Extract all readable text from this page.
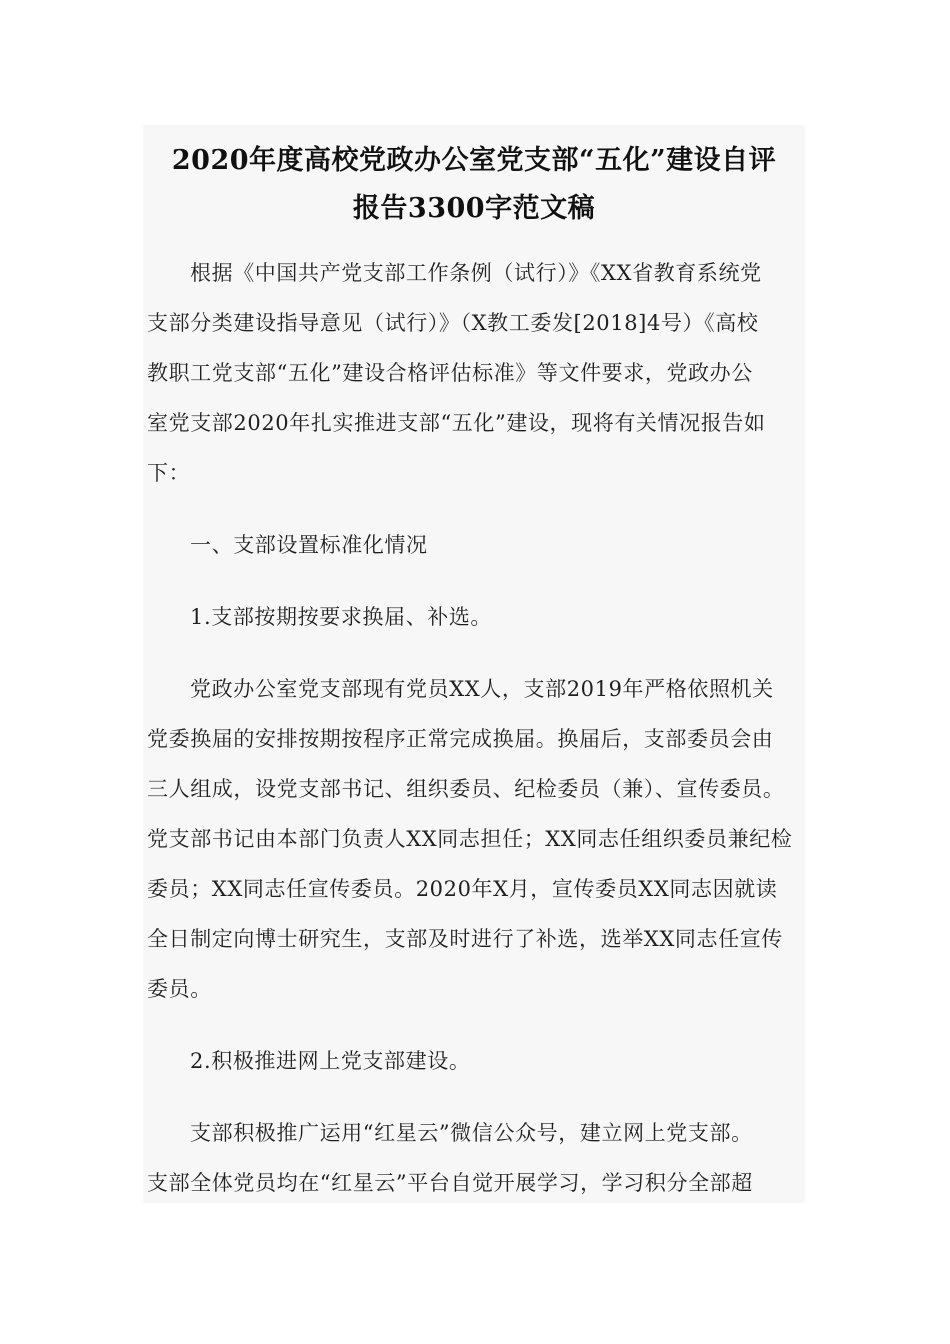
2020年度高校党政办公室党支部“五化”建设自评
报告3300字范文稿

根据《中国共产党支部工作条例（试行）》《XX省教育系统党

支部分类建设指导意见（试行）》（X教工委发[2018]4号）《高校

教职工党支部“五化”建设合格评估标准》等文件要求，党政办公

室党支部2020年扎实推进支部“五化”建设，现将有关情况报告如

下：

一、支部设置标准化情况

1.支部按期按要求换届、补选。

党政办公室党支部现有党员XX人，支部2019年严格依照机关

党委换届的安排按期按程序正常完成换届。换届后，支部委员会由

三人组成，设党支部书记、组织委员、纪检委员（兼）、宣传委员。

党支部书记由本部门负责人XX同志担任；XX同志任组织委员兼纪检

委员；XX同志任宣传委员。2020年X月，宣传委员XX同志因就读

全日制定向博士研究生，支部及时进行了补选，选举XX同志任宣传

委员。

2.积极推进网上党支部建设。

支部积极推广运用“红星云”微信公众号，建立网上党支部。

支部全体党员均在“红星云”平台自觉开展学习，学习积分全部超
